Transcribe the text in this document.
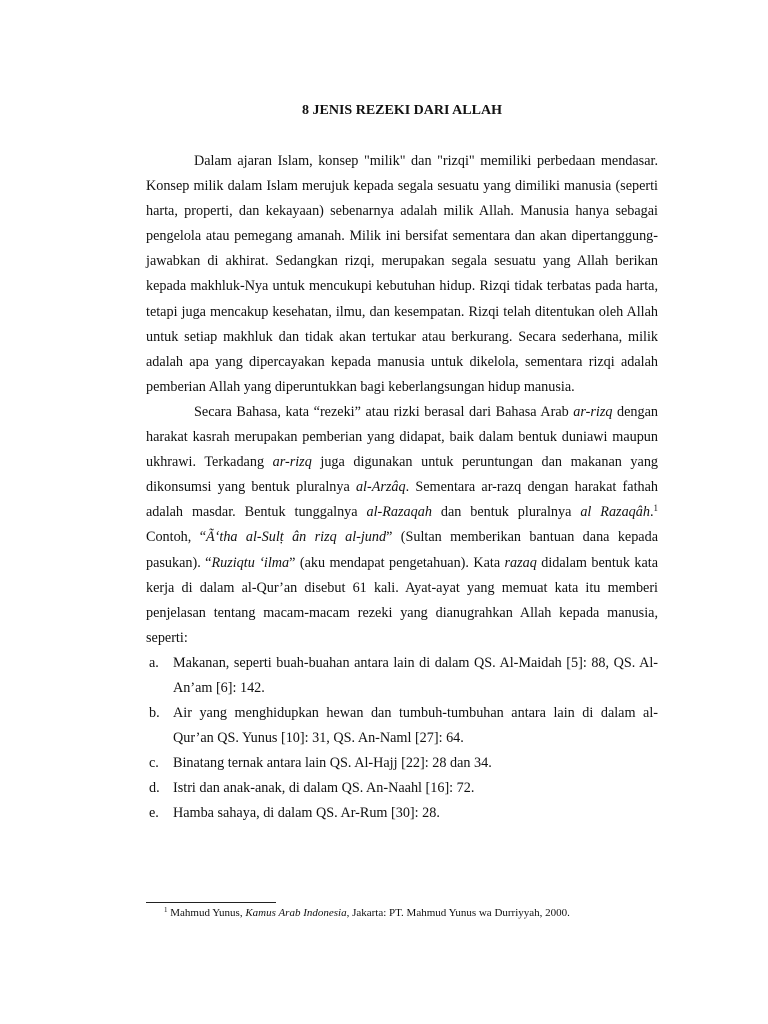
8 JENIS REZEKI DARI ALLAH

Dalam ajaran Islam, konsep "milik" dan "rizqi" memiliki perbedaan mendasar. Konsep milik dalam Islam merujuk kepada segala sesuatu yang dimiliki manusia (seperti harta, properti, dan kekayaan) sebenarnya adalah milik Allah. Manusia hanya sebagai pengelola atau pemegang amanah. Milik ini bersifat sementara dan akan dipertanggung-jawabkan di akhirat. Sedangkan rizqi, merupakan segala sesuatu yang Allah berikan kepada makhluk-Nya untuk mencukupi kebutuhan hidup. Rizqi tidak terbatas pada harta, tetapi juga mencakup kesehatan, ilmu, dan kesempatan. Rizqi telah ditentukan oleh Allah untuk setiap makhluk dan tidak akan tertukar atau berkurang. Secara sederhana, milik adalah apa yang dipercayakan kepada manusia untuk dikelola, sementara rizqi adalah pemberian Allah yang diperuntukkan bagi keberlangsungan hidup manusia.

Secara Bahasa, kata “rezeki” atau rizki berasal dari Bahasa Arab ar-rizq dengan harakat kasrah merupakan pemberian yang didapat, baik dalam bentuk duniawi maupun ukhrawi. Terkadang ar-rizq juga digunakan untuk peruntungan dan makanan yang dikonsumsi yang bentuk pluralnya al-Arzâq. Sementara ar-razq dengan harakat fathah adalah masdar. Bentuk tunggalnya al-Razaqah dan bentuk pluralnya al Razaqâh.$^1$ Contoh, “Ã‘tha al-Sulṭ ân rizq al-jund” (Sultan memberikan bantuan dana kepada pasukan). “Ruziqtu ‘ilma” (aku mendapat pengetahuan). Kata razaq didalam bentuk kata kerja di dalam al-Qur’an disebut 61 kali. Ayat-ayat yang memuat kata itu memberi penjelasan tentang macam-macam rezeki yang dianugrahkan Allah kepada manusia, seperti:

a. Makanan, seperti buah-buahan antara lain di dalam QS. Al-Maidah [5]: 88, QS. Al-An’am [6]: 142.
b. Air yang menghidupkan hewan dan tumbuh-tumbuhan antara lain di dalam al-Qur’an QS. Yunus [10]: 31, QS. An-Naml [27]: 64.
c. Binatang ternak antara lain QS. Al-Hajj [22]: 28 dan 34.
d. Istri dan anak-anak, di dalam QS. An-Naahl [16]: 72.
e. Hamba sahaya, di dalam QS. Ar-Rum [30]: 28.
$^1$ Mahmud Yunus, Kamus Arab Indonesia, Jakarta: PT. Mahmud Yunus wa Durriyyah, 2000.
